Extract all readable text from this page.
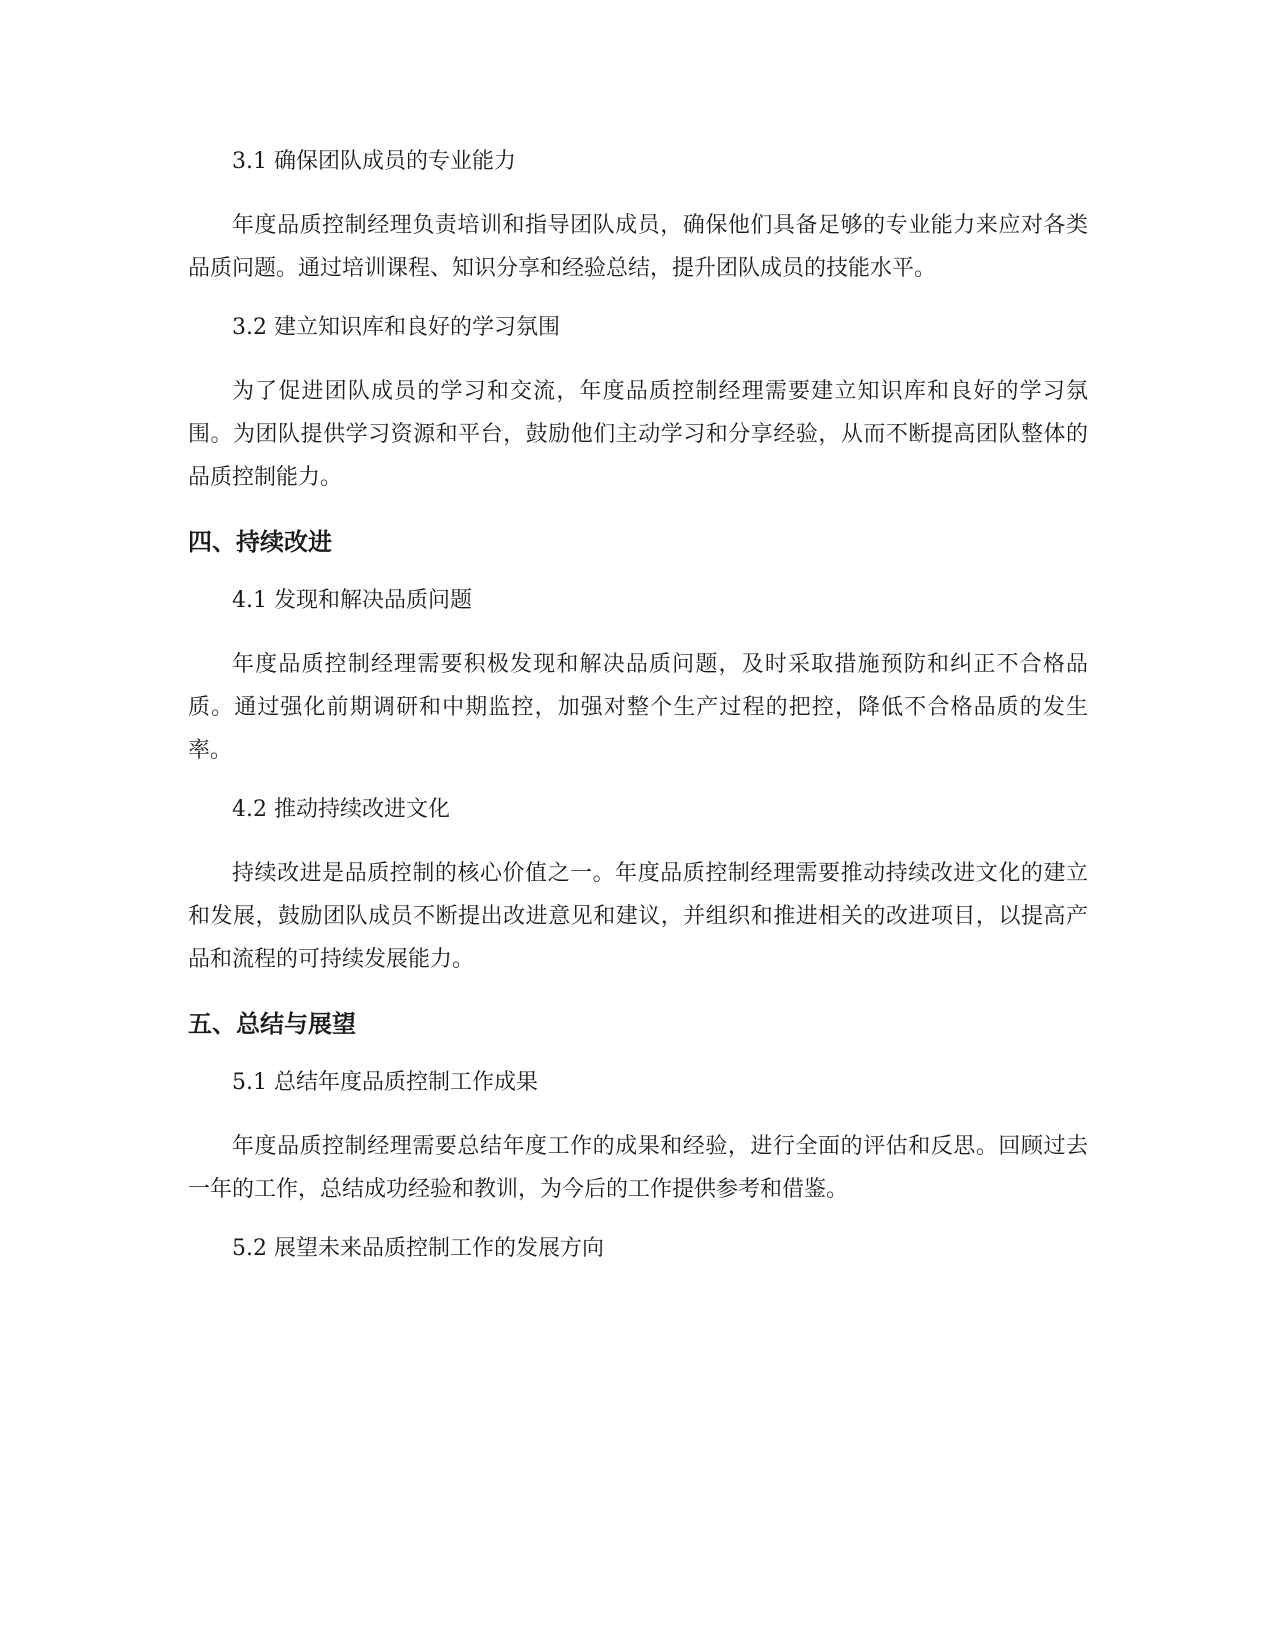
3.1 确保团队成员的专业能力

年度品质控制经理负责培训和指导团队成员，确保他们具备足够的专业能力来应对各类品质问题。通过培训课程、知识分享和经验总结，提升团队成员的技能水平。

3.2 建立知识库和良好的学习氛围

为了促进团队成员的学习和交流，年度品质控制经理需要建立知识库和良好的学习氛围。为团队提供学习资源和平台，鼓励他们主动学习和分享经验，从而不断提高团队整体的品质控制能力。

四、持续改进
4.1 发现和解决品质问题

年度品质控制经理需要积极发现和解决品质问题，及时采取措施预防和纠正不合格品质。通过强化前期调研和中期监控，加强对整个生产过程的把控，降低不合格品质的发生率。

4.2 推动持续改进文化

持续改进是品质控制的核心价值之一。年度品质控制经理需要推动持续改进文化的建立和发展，鼓励团队成员不断提出改进意见和建议，并组织和推进相关的改进项目，以提高产品和流程的可持续发展能力。

五、总结与展望
5.1 总结年度品质控制工作成果

年度品质控制经理需要总结年度工作的成果和经验，进行全面的评估和反思。回顾过去一年的工作，总结成功经验和教训，为今后的工作提供参考和借鉴。

5.2 展望未来品质控制工作的发展方向
